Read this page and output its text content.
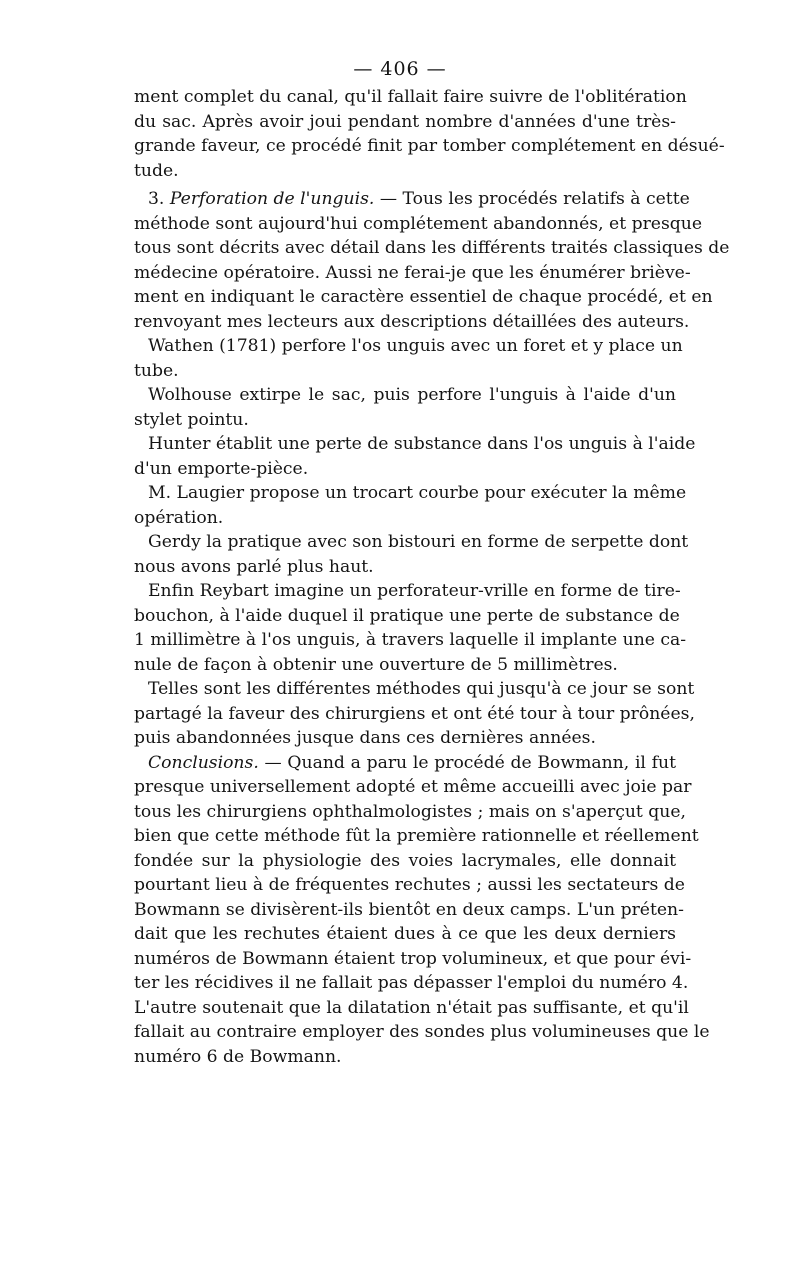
— 406 —
ment complet du canal, qu'il fallait faire suivre de l'oblitération
du sac. Après avoir joui pendant nombre d'années d'une très-
grande faveur, ce procédé finit par tomber complétement en désué-
tude.
3. Perforation de l'unguis. — Tous les procédés relatifs à cette
méthode sont aujourd'hui complétement abandonnés, et presque
tous sont décrits avec détail dans les différents traités classiques de
médecine opératoire. Aussi ne ferai-je que les énumérer briève-
ment en indiquant le caractère essentiel de chaque procédé, et en
renvoyant mes lecteurs aux descriptions détaillées des auteurs.
Wathen (1781) perfore l'os unguis avec un foret et y place un
tube.
Wolhouse extirpe le sac, puis perfore l'unguis à l'aide d'un
stylet pointu.
Hunter établit une perte de substance dans l'os unguis à l'aide
d'un emporte-pièce.
M. Laugier propose un trocart courbe pour exécuter la même
opération.
Gerdy la pratique avec son bistouri en forme de serpette dont
nous avons parlé plus haut.
Enfin Reybart imagine un perforateur-vrille en forme de tire-
bouchon, à l'aide duquel il pratique une perte de substance de
1 millimètre à l'os unguis, à travers laquelle il implante une ca-
nule de façon à obtenir une ouverture de 5 millimètres.
Telles sont les différentes méthodes qui jusqu'à ce jour se sont
partagé la faveur des chirurgiens et ont été tour à tour prônées,
puis abandonnées jusque dans ces dernières années.
Conclusions. — Quand a paru le procédé de Bowmann, il fut
presque universellement adopté et même accueilli avec joie par
tous les chirurgiens ophthalmologistes ; mais on s'aperçut que,
bien que cette méthode fût la première rationnelle et réellement
fondée sur la physiologie des voies lacrymales, elle donnait
pourtant lieu à de fréquentes rechutes ; aussi les sectateurs de
Bowmann se divisèrent-ils bientôt en deux camps. L'un préten-
dait que les rechutes étaient dues à ce que les deux derniers
numéros de Bowmann étaient trop volumineux, et que pour évi-
ter les récidives il ne fallait pas dépasser l'emploi du numéro 4.
L'autre soutenait que la dilatation n'était pas suffisante, et qu'il
fallait au contraire employer des sondes plus volumineuses que le
numéro 6 de Bowmann.
